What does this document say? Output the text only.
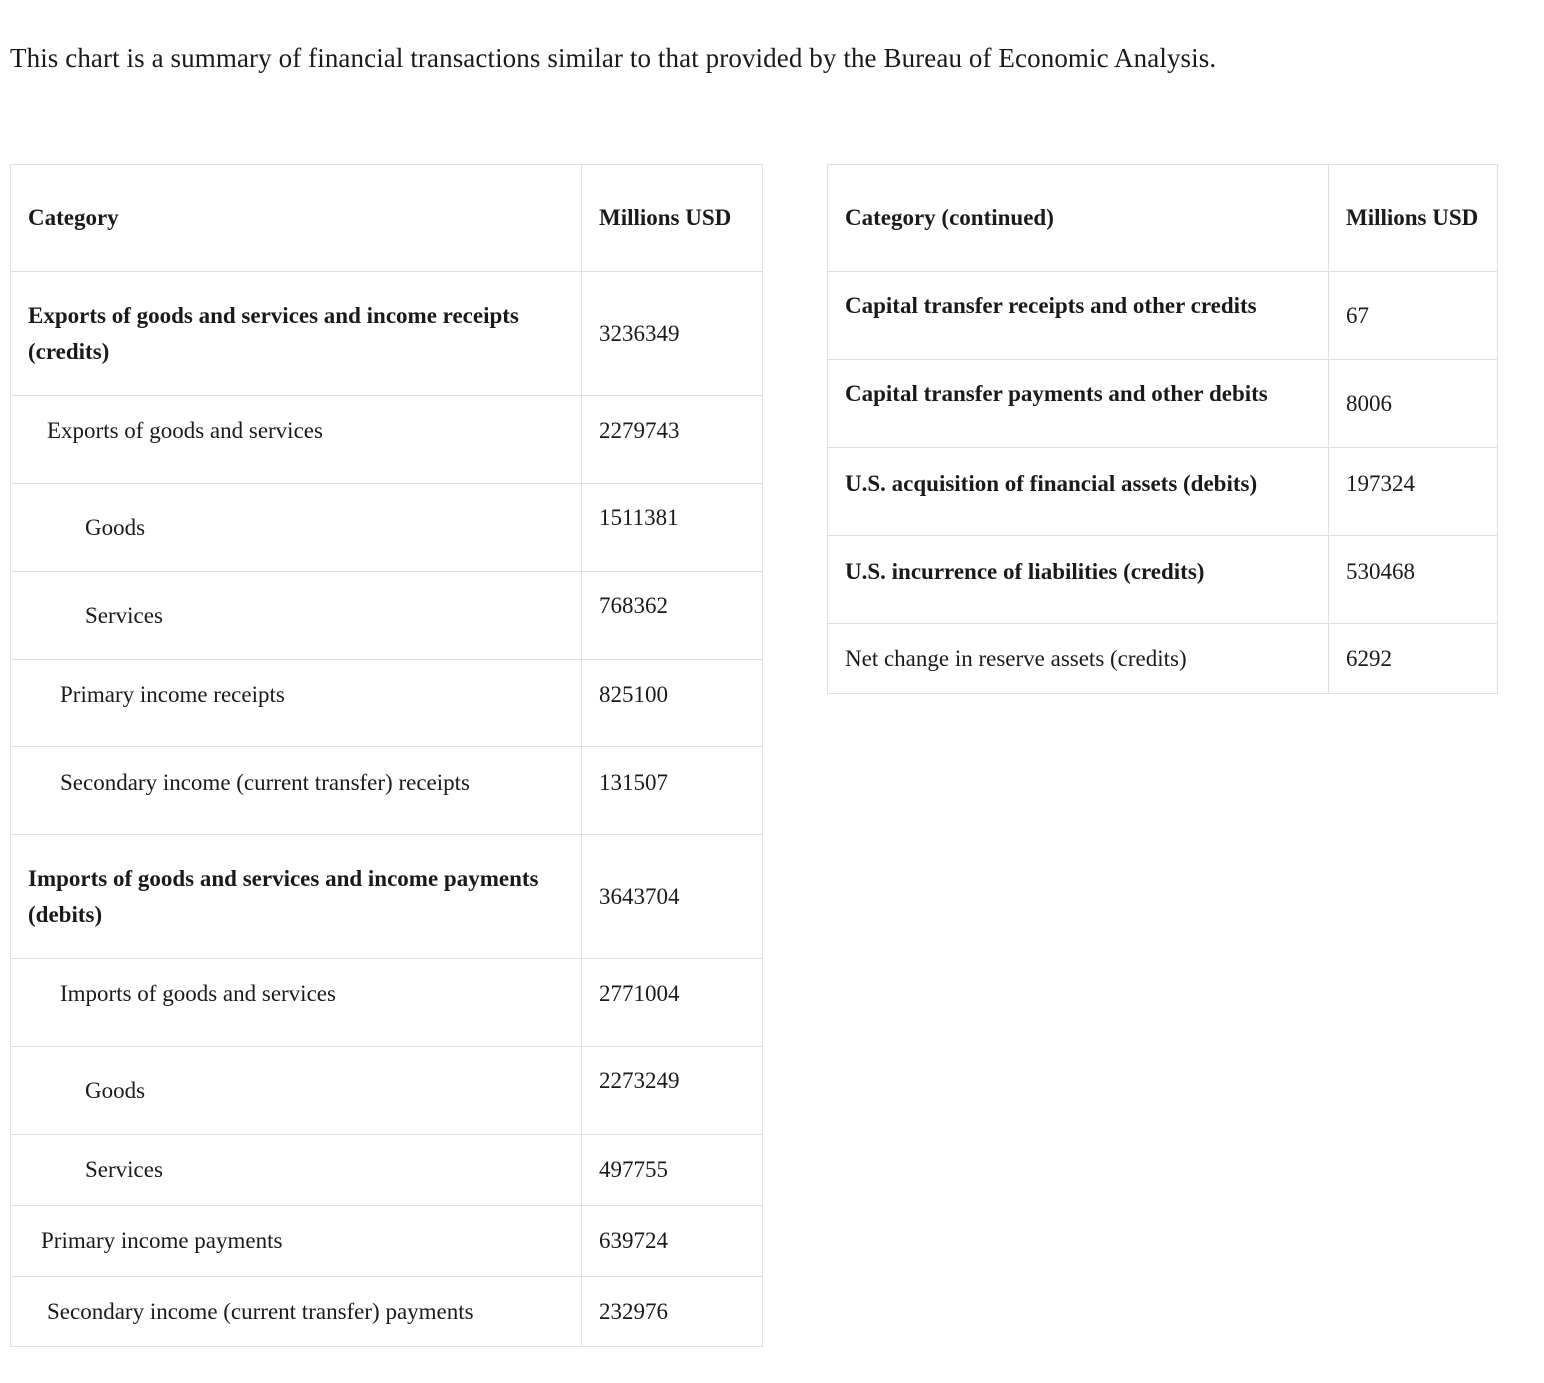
This chart is a summary of financial transactions similar to that provided by the Bureau of Economic Analysis.

Category	Millions USD
Exports of goods and services and income receipts (credits)	3236349
Exports of goods and services	2279743
Goods	1511381
Services	768362
Primary income receipts	825100
Secondary income (current transfer) receipts	131507
Imports of goods and services and income payments (debits)	3643704
Imports of goods and services	2771004
Goods	2273249
Services	497755
Primary income payments	639724
Secondary income (current transfer) payments	232976
Category (continued)	Millions USD
Capital transfer receipts and other credits	67
Capital transfer payments and other debits	8006
U.S. acquisition of financial assets (debits)	197324
U.S. incurrence of liabilities (credits)	530468
Net change in reserve assets (credits)	6292
